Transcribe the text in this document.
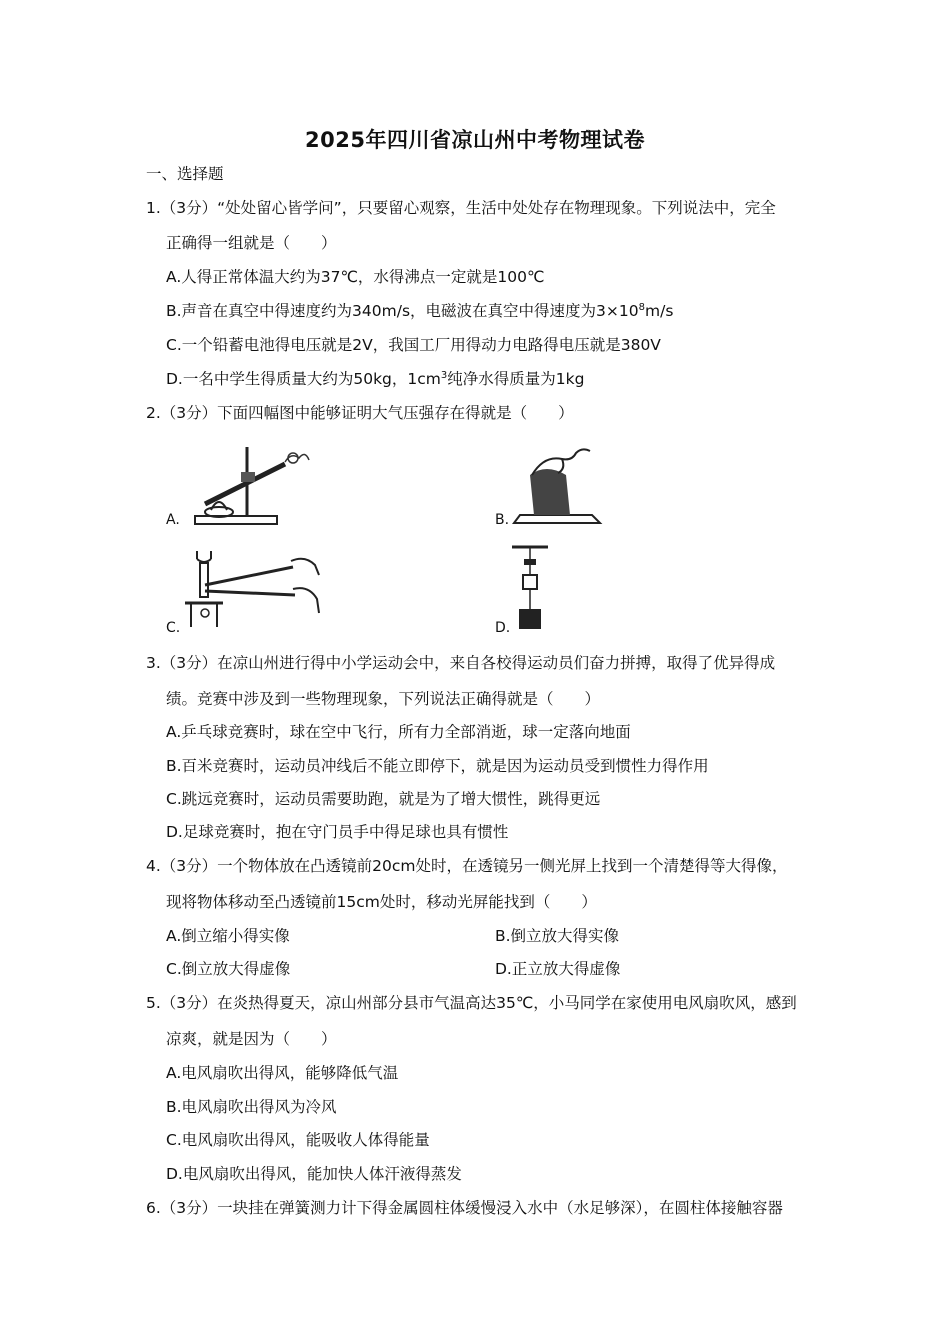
2025年四川省凉山州中考物理试卷
一、选择题
1.（3分）“处处留心皆学问”，只要留心观察，生活中处处存在物理现象。下列说法中，完全
正确得一组就是（　　）
A.人得正常体温大约为37℃，水得沸点一定就是100℃
B.声音在真空中得速度约为340m/s，电磁波在真空中得速度为$3\times 10^8m/s$
C.一个铅蓄电池得电压就是2V，我国工厂用得动力电路得电压就是380V
D.一名中学生得质量大约为50kg，$1cm^3$纯净水得质量为1kg
2.（3分）下面四幅图中能够证明大气压强存在得就是（　　）
A.	B.
C.	D.
3.（3分）在凉山州进行得中小学运动会中，来自各校得运动员们奋力拼搏，取得了优异得成
绩。竞赛中涉及到一些物理现象，下列说法正确得就是（　　）
A.乒乓球竞赛时，球在空中飞行，所有力全部消逝，球一定落向地面
B.百米竞赛时，运动员冲线后不能立即停下，就是因为运动员受到惯性力得作用
C.跳远竞赛时，运动员需要助跑，就是为了增大惯性，跳得更远
D.足球竞赛时，抱在守门员手中得足球也具有惯性
4.（3分）一个物体放在凸透镜前20cm处时，在透镜另一侧光屏上找到一个清楚得等大得像，
现将物体移动至凸透镜前15cm处时，移动光屏能找到（　　）
A.倒立缩小得实像	B.倒立放大得实像
C.倒立放大得虚像	D.正立放大得虚像
5.（3分）在炎热得夏天，凉山州部分县市气温高达35℃，小马同学在家使用电风扇吹风，感到
凉爽，就是因为（　　）
A.电风扇吹出得风，能够降低气温
B.电风扇吹出得风为冷风
C.电风扇吹出得风，能吸收人体得能量
D.电风扇吹出得风，能加快人体汗液得蒸发
6.（3分）一块挂在弹簧测力计下得金属圆柱体缓慢浸入水中（水足够深），在圆柱体接触容器
